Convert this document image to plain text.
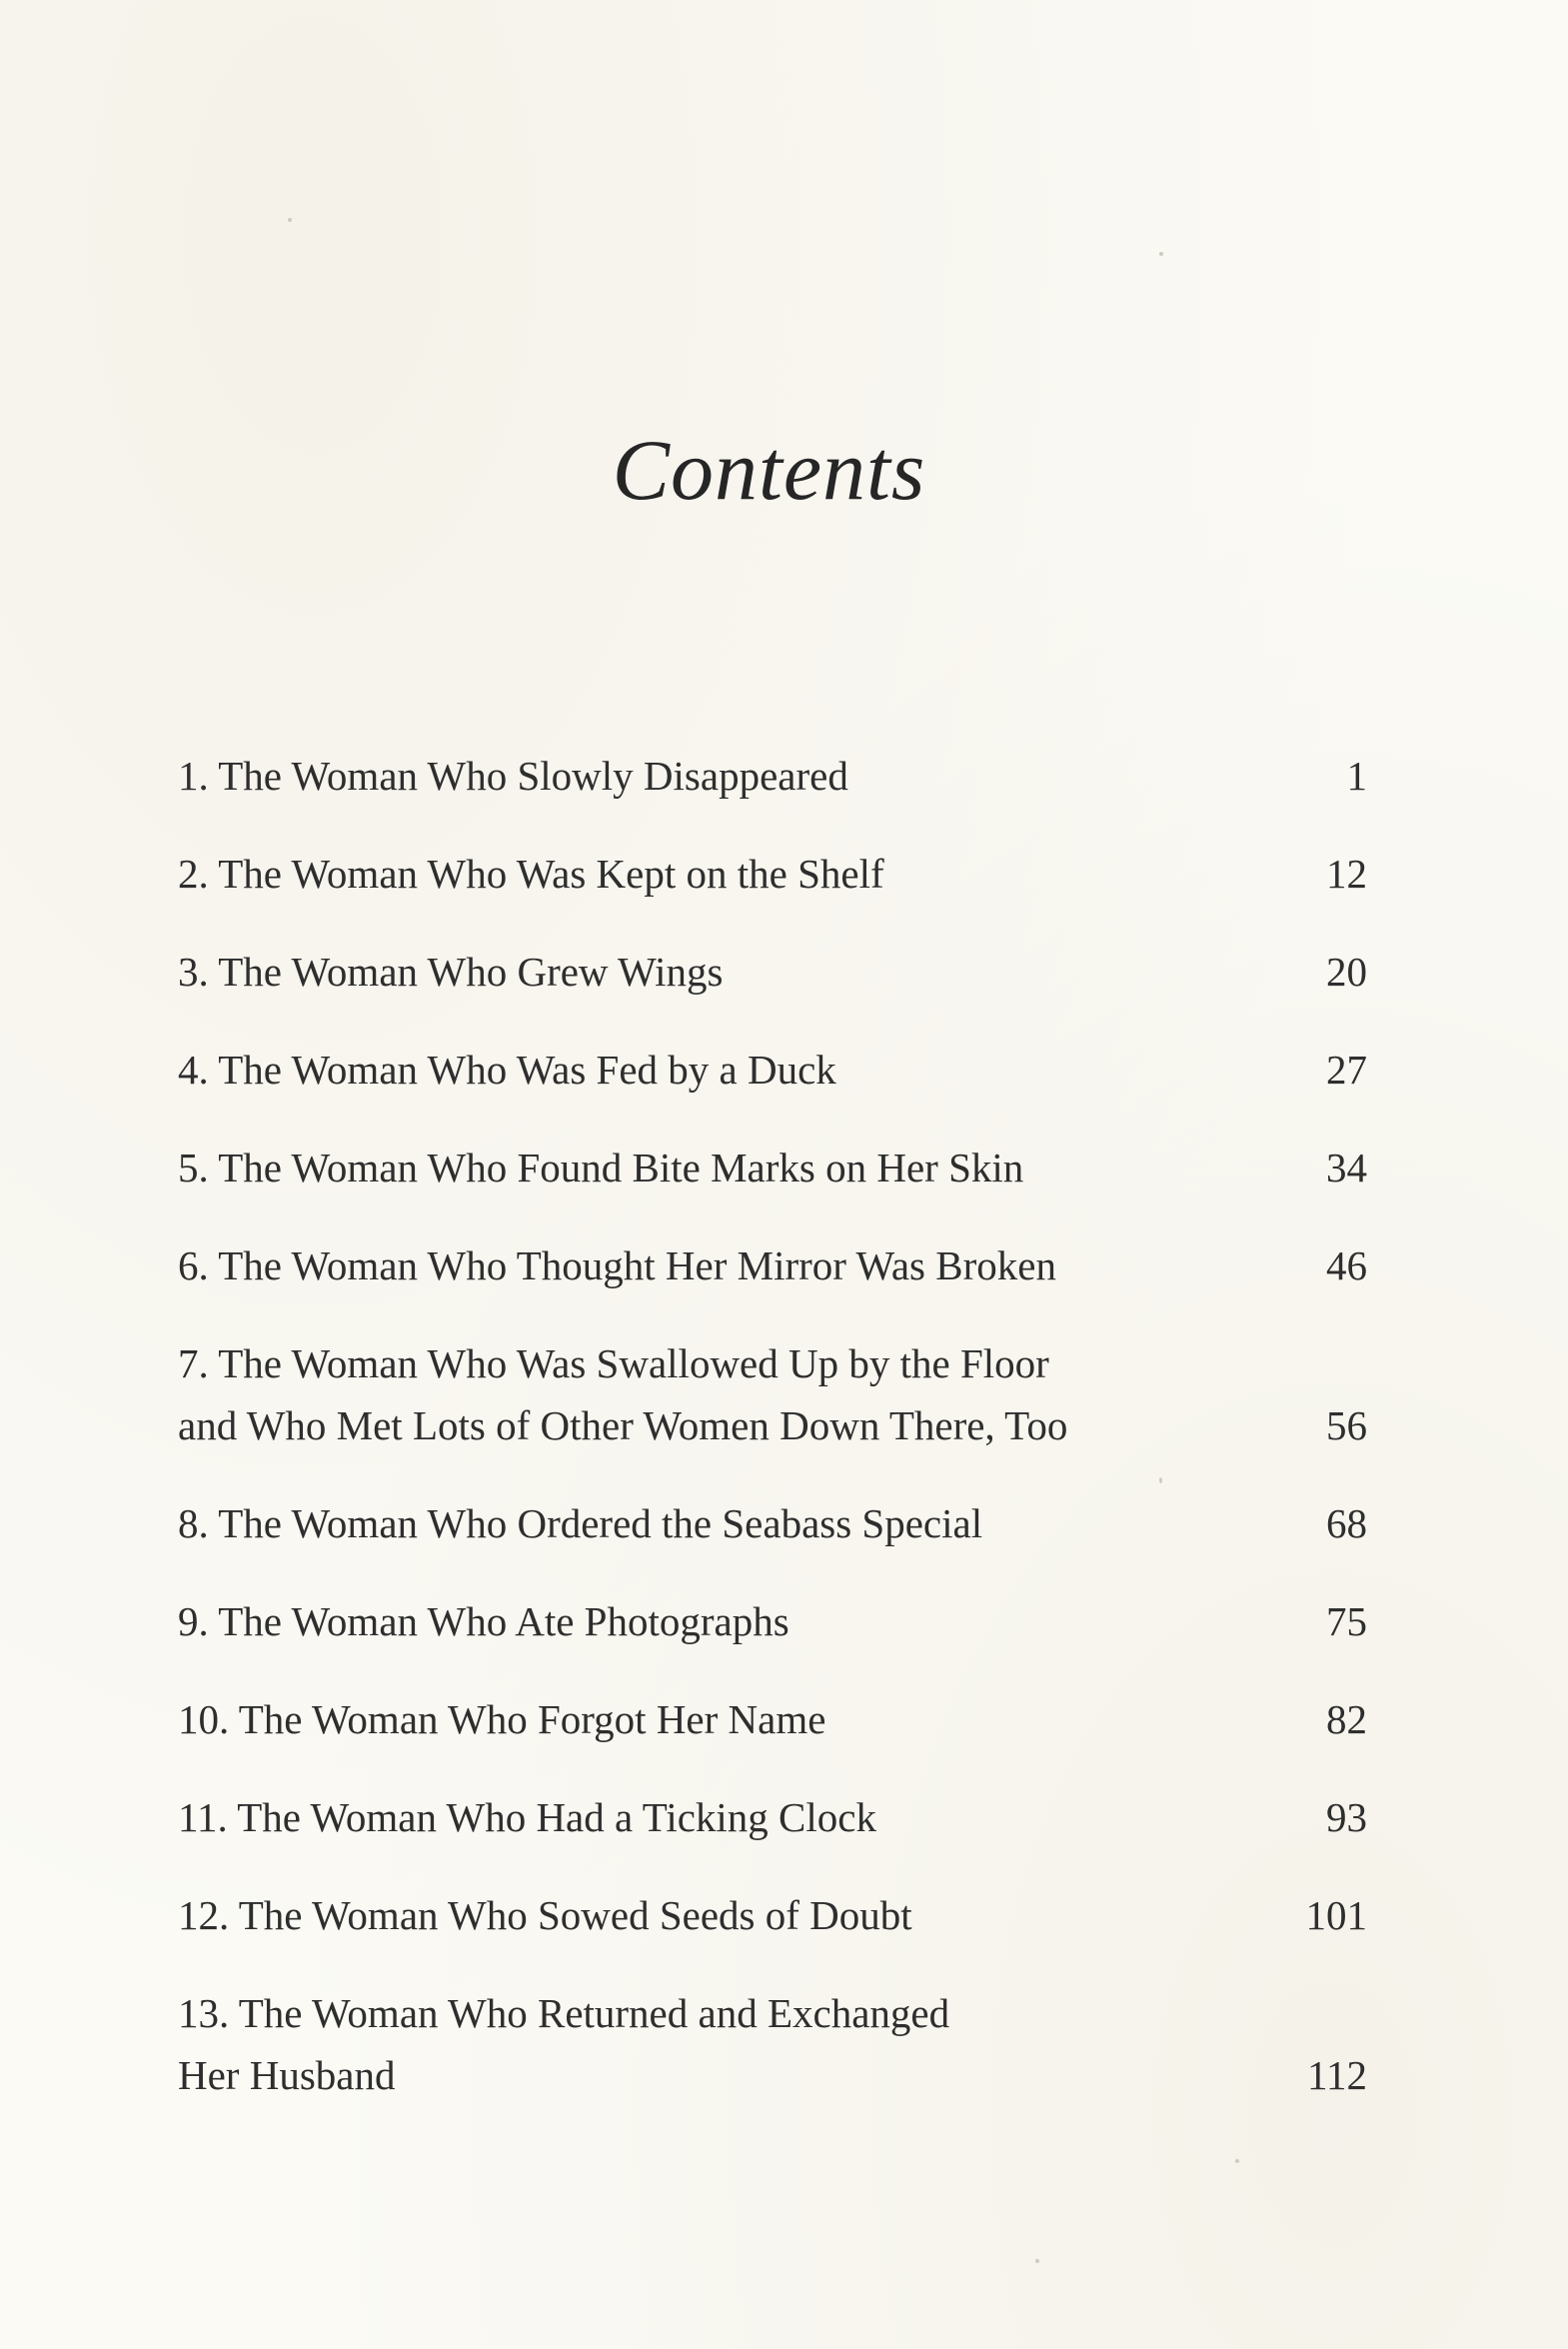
Contents
1. The Woman Who Slowly Disappeared	1
2. The Woman Who Was Kept on the Shelf	12
3. The Woman Who Grew Wings	20
4. The Woman Who Was Fed by a Duck	27
5. The Woman Who Found Bite Marks on Her Skin	34
6. The Woman Who Thought Her Mirror Was Broken	46
7. The Woman Who Was Swallowed Up by the Floor
and Who Met Lots of Other Women Down There, Too	56
8. The Woman Who Ordered the Seabass Special	68
9. The Woman Who Ate Photographs	75
10. The Woman Who Forgot Her Name	82
11. The Woman Who Had a Ticking Clock	93
12. The Woman Who Sowed Seeds of Doubt	101
13. The Woman Who Returned and Exchanged
Her Husband	112
